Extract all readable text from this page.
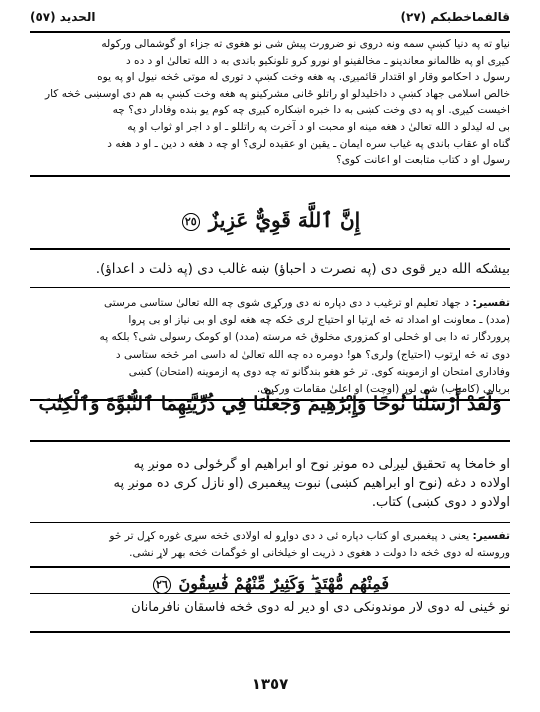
قالفماخطبكم (٢٧)
الحديد (٥٧)

نياو ته په دنيا كښې سمه ونه دروی نو ضرورت پيش شی نو هغوی ته جزاء او گوشمالی وركوله

كيږی او په ظالمانو معاندينو ـ مخالفينو او نورو كرو تلونكيو باندی به د الله تعالیٰ او د ده د

رسول د احكامو وقار او اقتدار قائميږی. په هغه وخت كښې د توری له موتی څخه نيول او په يوه

خالص اسلامی جهاد كښې د داخليدلو او راتلو ځانی مشركينو په هغه وخت كښې به هم دی اوسښی څخه كار

اخيست كيږی. او په دی وخت كښی به دا خبره اښكاره كيږی چه كوم يو بنده وفادار دی؟ چه

بی له ليدلو د الله تعالیٰ د هغه مينه او محبت او د آخرت په راتللو ـ او د اجر او ثواب او په

گناه او عقاب باندی په غياب سره ايمان ـ يقين او عقيده لری؟ او چه د هغه د دين ـ او د هغه د

رسول او د كتاب متابعت او اعانت كوی؟

إِنَّ ٱللَّهَ قَوِيٌّ عَزِيزٌ ٢٥
بيشكه الله دير قوی دی (په نصرت د احباؤ) ښه غالب دی (په ذلت د اعداؤ).

تفسير: د جهاد تعليم او ترغيب د دی دپاره نه دی وركړی شوی چه الله تعالیٰ ستاسی مرستی

(مدد) ـ معاونت او امداد ته څه اړتيا او احتياج لری څكه چه هغه لوی او بی نياز او بی پروا

پروردگار ته دا بی او څحلی او كمزوری مخلوق څه مرسته (مدد) او كومک رسولی شی؟ بلكه په

دوی ته څه اړتوب (احتياج) ولری؟ هو! دومره ده چه الله تعالیٰ له داسی امر څخه ستاسی د

وفاداری امتحان او ازموينه كوی. تر څو هغو بندگانو ته چه دوی په ازموينه (امتحان) كښی

بريالی (كامياب) شی لوړ (اوچت) او اعلیٰ مقامات وركړی.

وَلَقَدْ أَرْسَلْنَا نُوحًا وَإِبْرَٰهِيمَ وَجَعَلْنَا فِي ذُرِّيَّتِهِمَا ٱلنُّبُوَّةَ وَٱلْكِتَٰبَ
او خامخا په تحقيق ليږلی ده مونږ نوح او ابراهيم او گرځولی ده مونږ په
اولاده د دغه (نوح او ابراهيم كښی) نبوت پيغمبری (او نازل كری ده مونږ په
اولادو د دوی كښی) كتاب.

تفسير: يعنی د پيغمبری او كتاب دپاره ئی د دی دواړو له اولادی څخه سړی غوره كړل تر څو

وروسته له دوی څخه دا دولت د هغوی د ذريت او خيلخانی او څوگمات څخه بهر لاړ نشی.

فَمِنْهُم مُّهْتَدٍ ۖ وَكَثِيرٌ مِّنْهُمْ فَٰسِقُونَ ٢٦
نو ځينی له دوی لار موندونكی دی او دير له دوی څخه فاسقان نافرمانان
١٣٥٧
